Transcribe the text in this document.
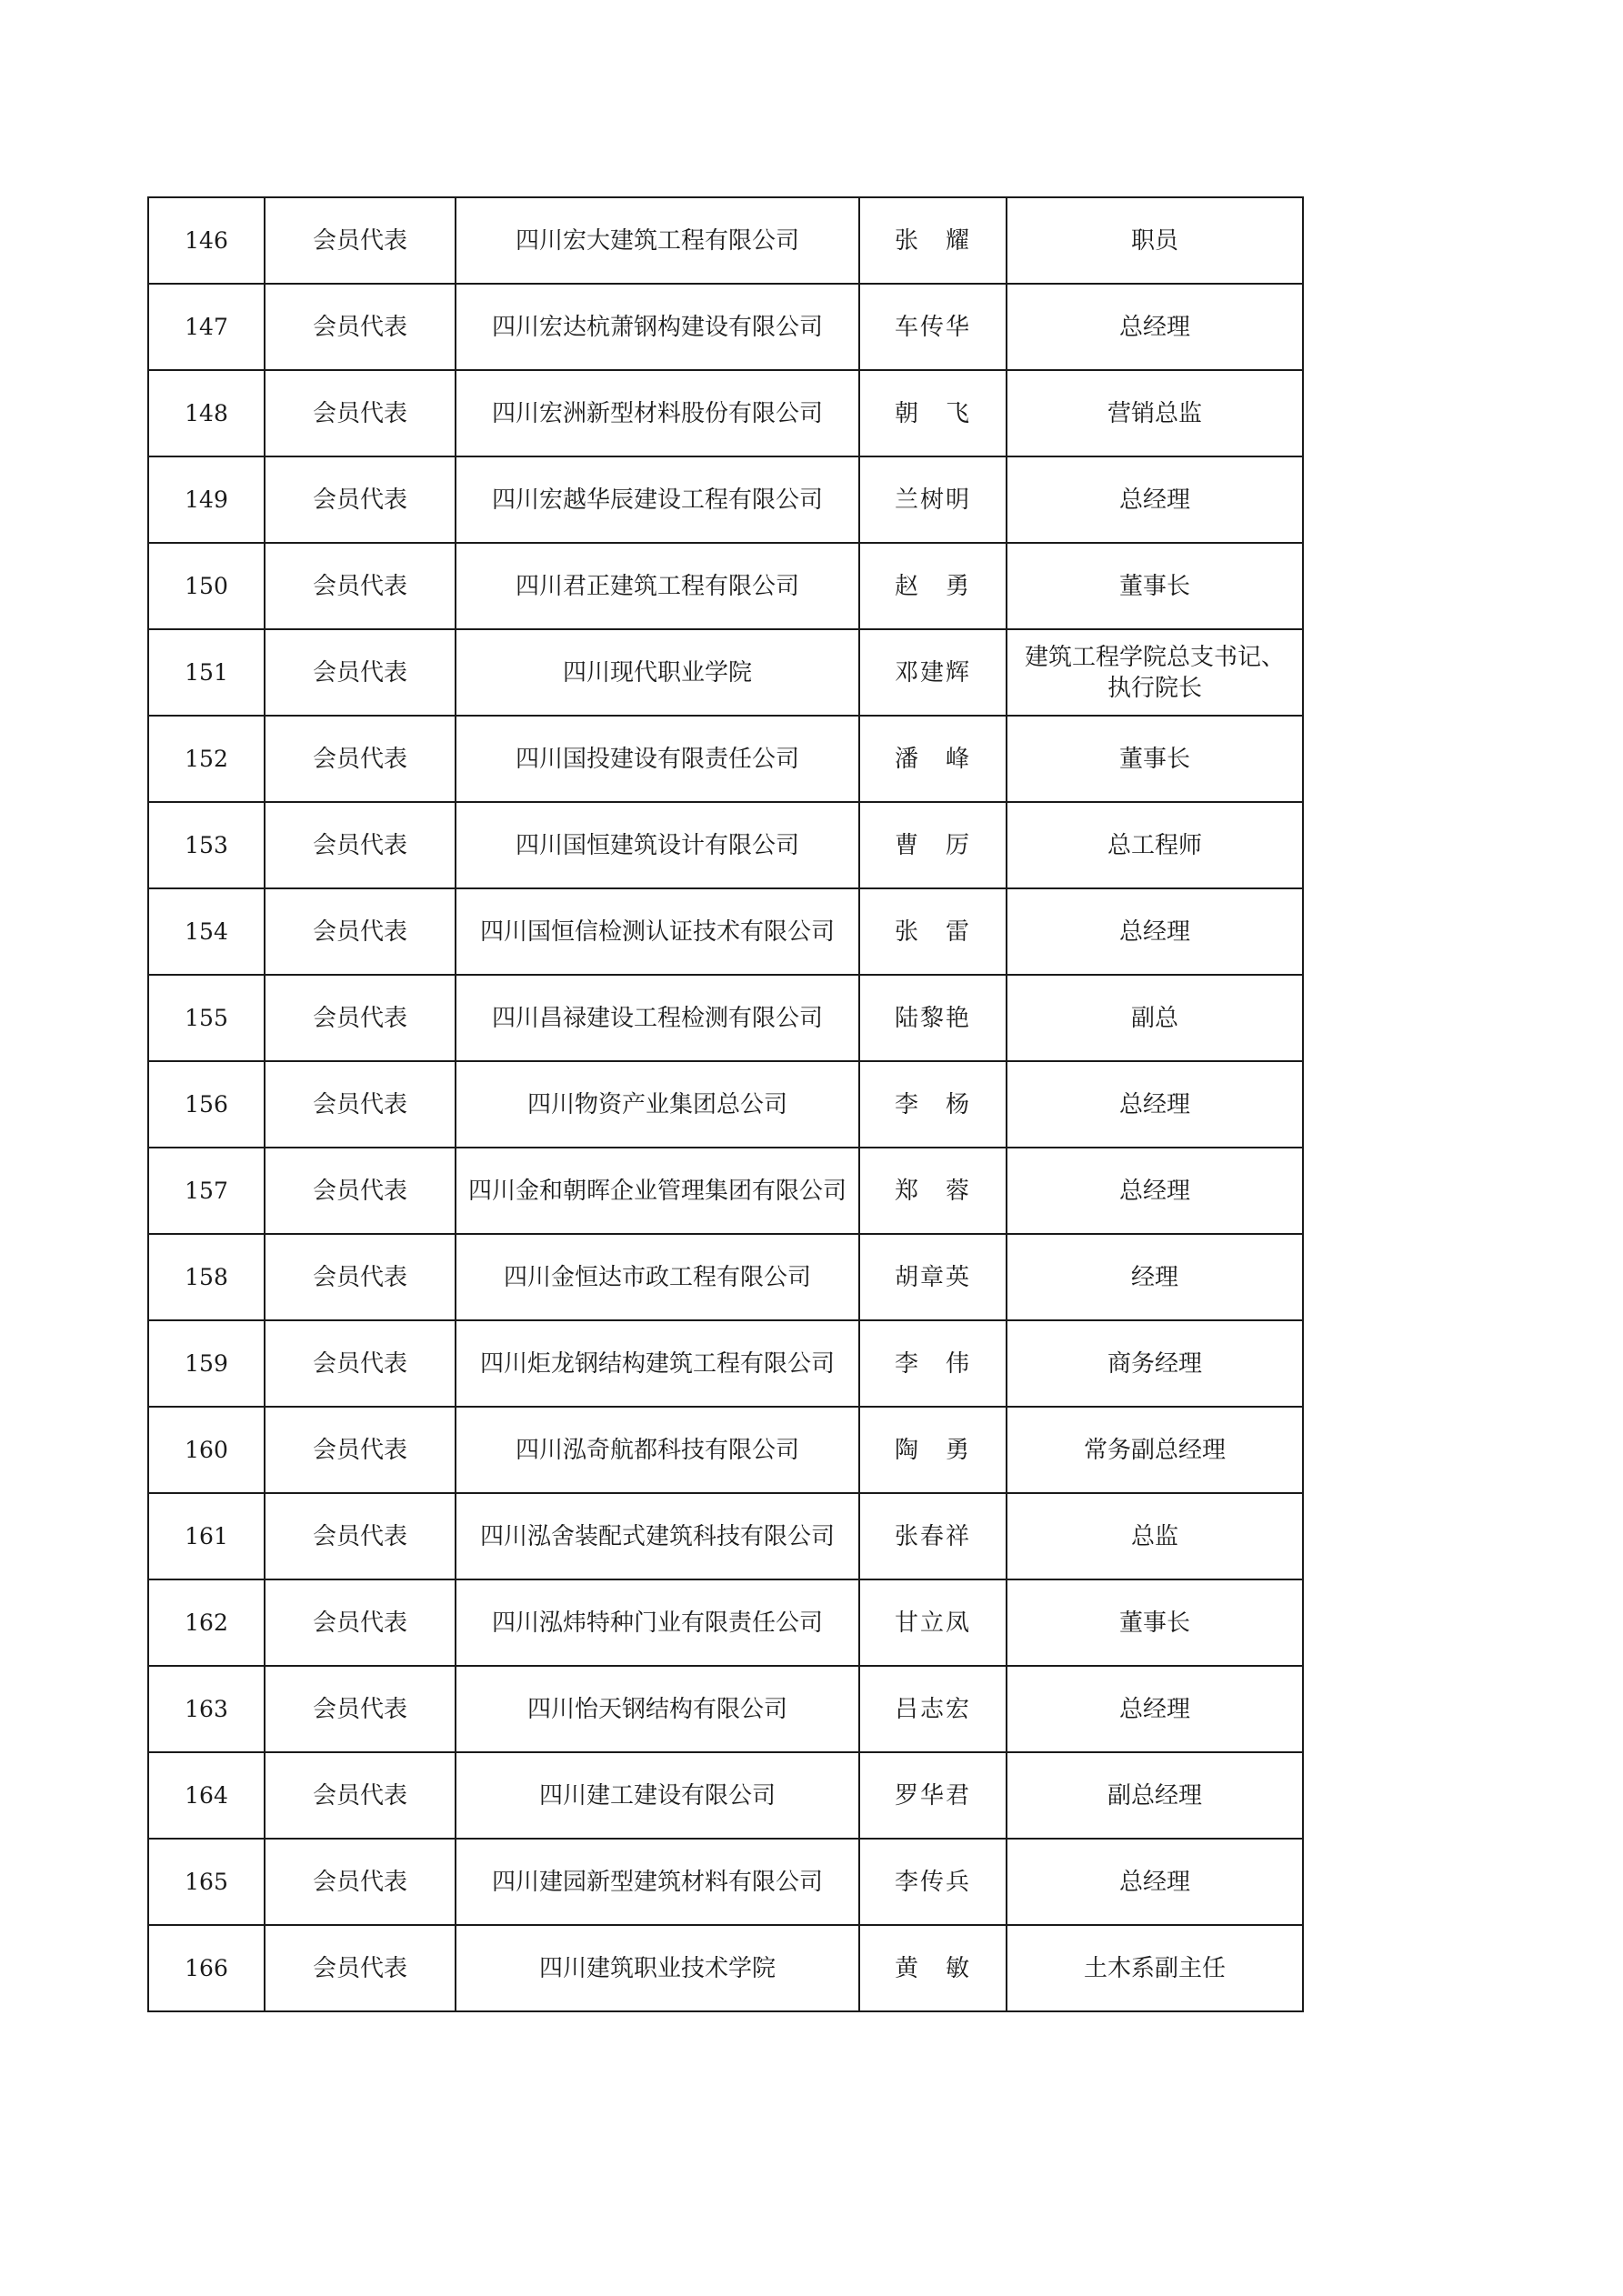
146	会员代表	四川宏大建筑工程有限公司	张　耀	职员
147	会员代表	四川宏达杭萧钢构建设有限公司	车传华	总经理
148	会员代表	四川宏洲新型材料股份有限公司	朝　飞	营销总监
149	会员代表	四川宏越华辰建设工程有限公司	兰树明	总经理
150	会员代表	四川君正建筑工程有限公司	赵　勇	董事长
151	会员代表	四川现代职业学院	邓建辉	建筑工程学院总支书记、执行院长
152	会员代表	四川国投建设有限责任公司	潘　峰	董事长
153	会员代表	四川国恒建筑设计有限公司	曹　厉	总工程师
154	会员代表	四川国恒信检测认证技术有限公司	张　雷	总经理
155	会员代表	四川昌禄建设工程检测有限公司	陆黎艳	副总
156	会员代表	四川物资产业集团总公司	李　杨	总经理
157	会员代表	四川金和朝晖企业管理集团有限公司	郑　蓉	总经理
158	会员代表	四川金恒达市政工程有限公司	胡章英	经理
159	会员代表	四川炬龙钢结构建筑工程有限公司	李　伟	商务经理
160	会员代表	四川泓奇航都科技有限公司	陶　勇	常务副总经理
161	会员代表	四川泓舍装配式建筑科技有限公司	张春祥	总监
162	会员代表	四川泓炜特种门业有限责任公司	甘立凤	董事长
163	会员代表	四川怡天钢结构有限公司	吕志宏	总经理
164	会员代表	四川建工建设有限公司	罗华君	副总经理
165	会员代表	四川建园新型建筑材料有限公司	李传兵	总经理
166	会员代表	四川建筑职业技术学院	黄　敏	土木系副主任
